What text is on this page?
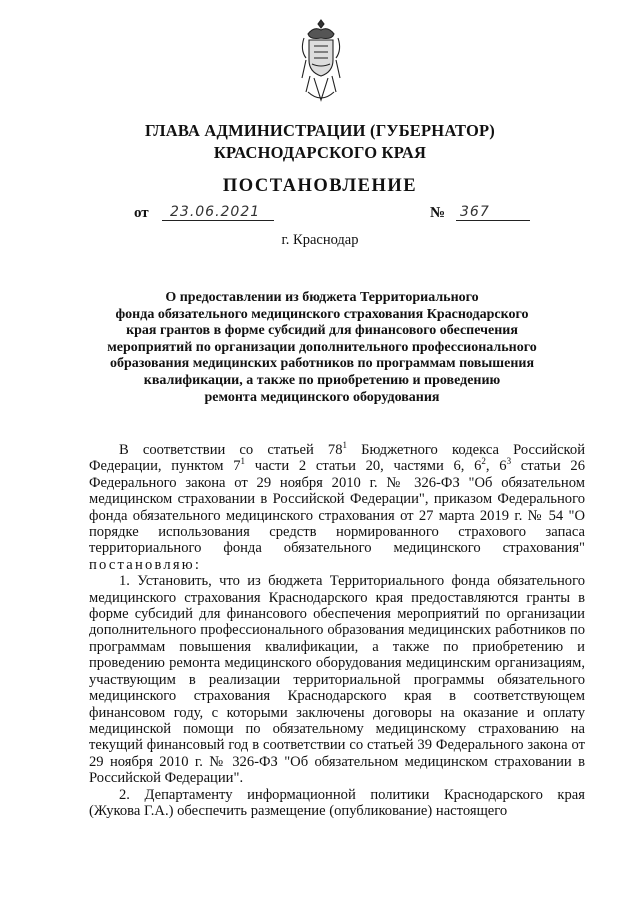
ГЛАВА АДМИНИСТРАЦИИ (ГУБЕРНАТОР)
КРАСНОДАРСКОГО КРАЯ
ПОСТАНОВЛЕНИЕ
от	23.06.2021	№ 367
г. Краснодар
О предоставлении из бюджета Территориального
фонда обязательного медицинского страхования Краснодарского
края грантов в форме субсидий для финансового обеспечения
мероприятий по организации дополнительного профессионального
образования медицинских работников по программам повышения
квалификации, а также по приобретению и проведению
ремонта медицинского оборудования

В соответствии со статьей $78^1$ Бюджетного кодекса Российской Федерации, пунктом $7^1$ части 2 статьи 20, частями 6, $6^2$, $6^3$ статьи 26 Федерального закона от 29 ноября 2010 г. № 326-ФЗ "Об обязательном медицинском страховании в Российской Федерации", приказом Федерального фонда обязательного медицинского страхования от 27 марта 2019 г. № 54 "О порядке использования средств нормированного страхового запаса территориального фонда обязательного медицинского страхования" постановляю:

1. Установить, что из бюджета Территориального фонда обязательного медицинского страхования Краснодарского края предоставляются гранты в форме субсидий для финансового обеспечения мероприятий по организации дополнительного профессионального образования медицинских работников по программам повышения квалификации, а также по приобретению и проведению ремонта медицинского оборудования медицинским организациям, участвующим в реализации территориальной программы обязательного медицинского страхования Краснодарского края в соответствующем финансовом году, с которыми заключены договоры на оказание и оплату медицинской помощи по обязательному медицинскому страхованию на текущий финансовый год в соответствии со статьей 39 Федерального закона от 29 ноября 2010 г. № 326-ФЗ "Об обязательном медицинском страховании в Российской Федерации".

2. Департаменту информационной политики Краснодарского края (Жукова Г.А.) обеспечить размещение (опубликование) настоящего
